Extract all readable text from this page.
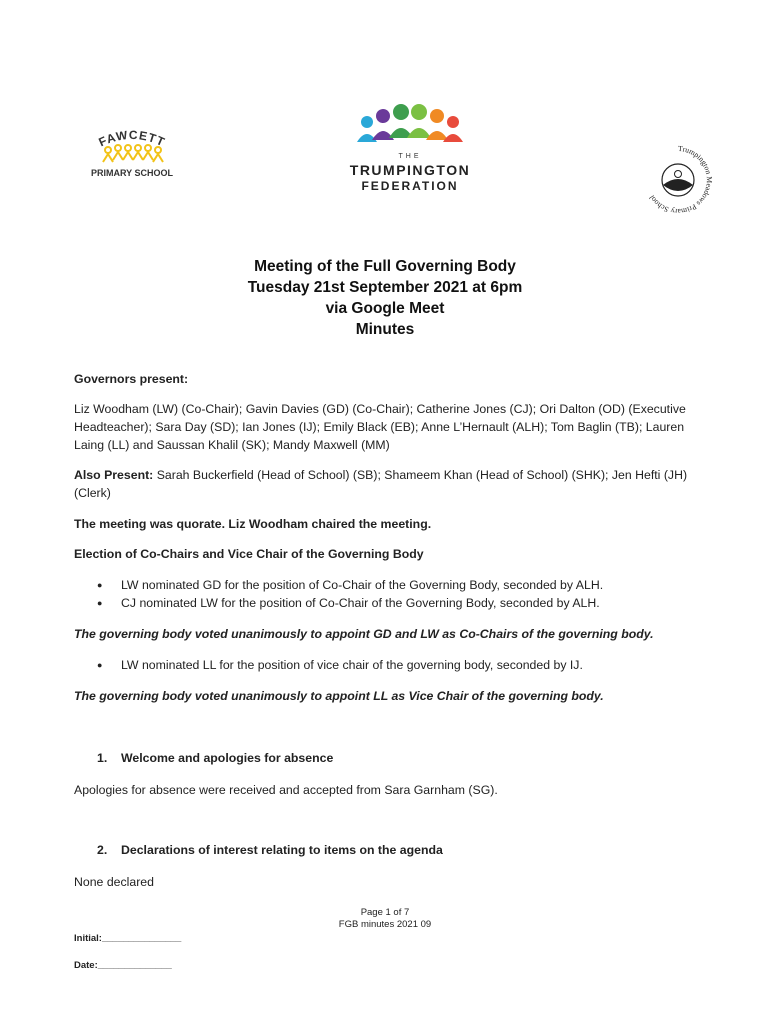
FAWCETT
PRIMARY SCHOOL
THE
TRUMPINGTON
FEDERATION
Trumpington eadows Primary School
Meeting of the Full Governing Body
Tuesday 21st September 2021 at 6pm
via Google Meet
Minutes

Governors present:

Liz Woodham (LW) (Co-Chair); Gavin Davies (GD) (Co-Chair); Catherine Jones (CJ); Ori Dalton (OD) (Executive Headteacher); Sara Day (SD); Ian Jones (IJ); Emily Black (EB); Anne L’Hernault (ALH); Tom Baglin (TB); Lauren Laing (LL) and Saussan Khalil (SK); Mandy Maxwell (MM)

Also Present: Sarah Buckerfield (Head of School) (SB); Shameem Khan (Head of School) (SHK); Jen Hefti (JH) (Clerk)

The meeting was quorate. Liz Woodham chaired the meeting.

Election of Co-Chairs and Vice Chair of the Governing Body

● LW nominated GD for the position of Co-Chair of the Governing Body, seconded by ALH.
● CJ nominated LW for the position of Co-Chair of the Governing Body, seconded by ALH.

The governing body voted unanimously to appoint GD and LW as Co-Chairs of the governing body.

● LW nominated LL for the position of vice chair of the governing body, seconded by IJ.

The governing body voted unanimously to appoint LL as Vice Chair of the governing body.

1.	Welcome and apologies for absence

Apologies for absence were received and accepted from Sara Garnham (SG).

2.	Declarations of interest relating to items on the agenda

None declared

Page 1 of 7
FGB minutes 2021 09
Initial:_______________
Date:______________
